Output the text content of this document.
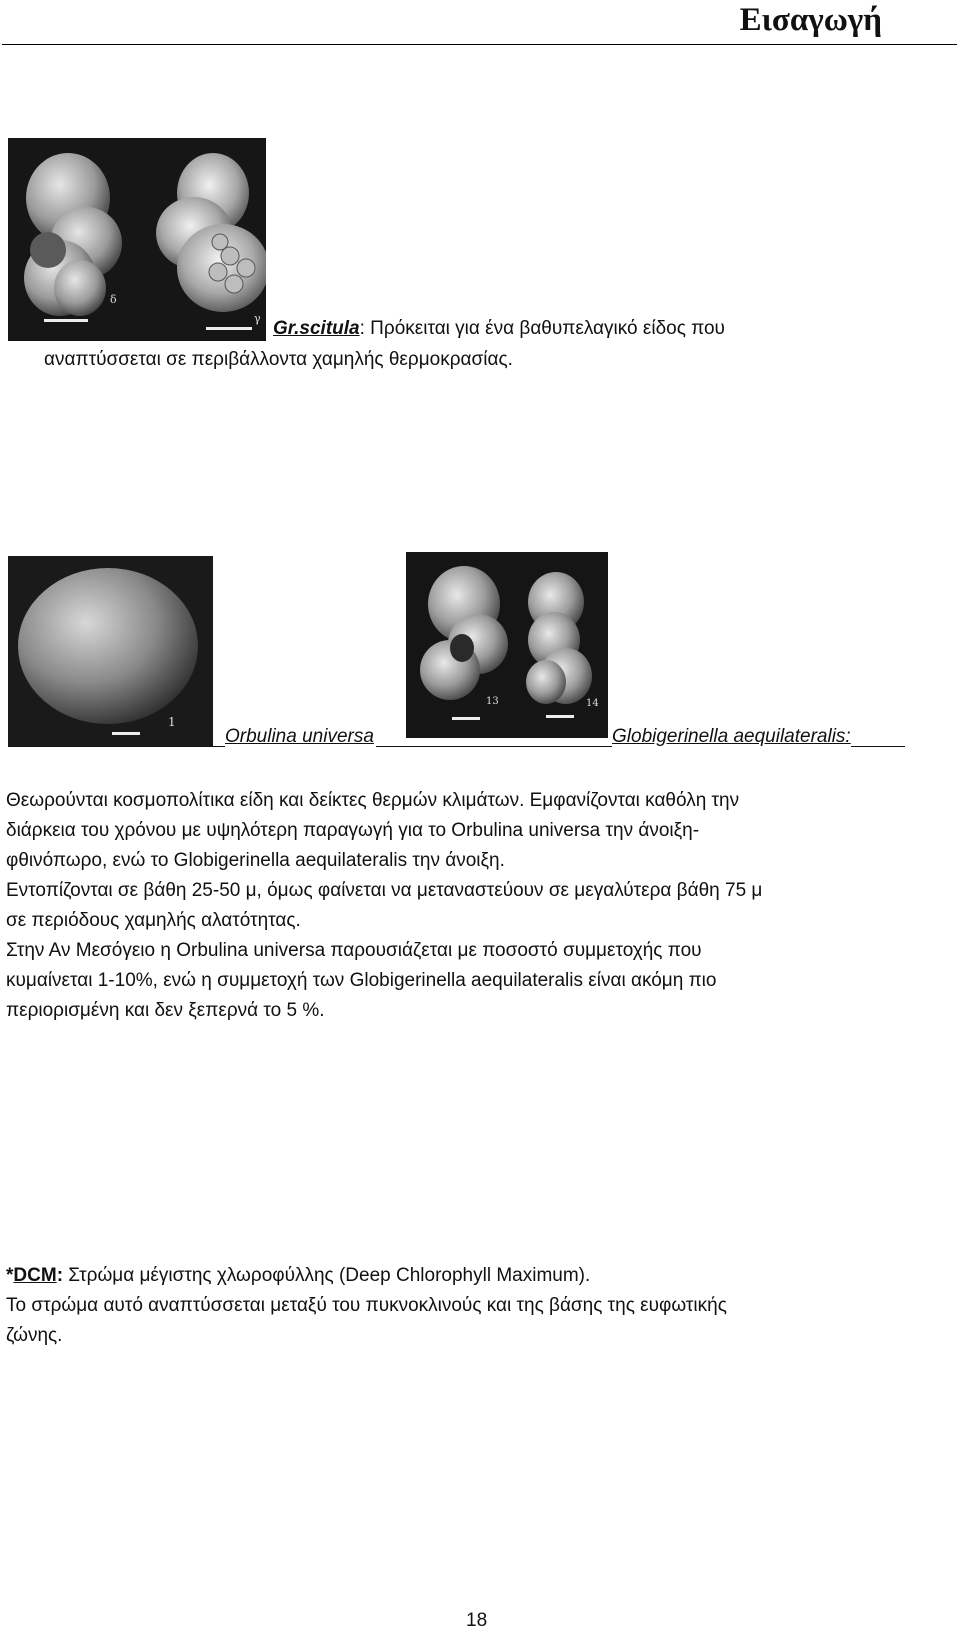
Εισαγωγή
δ
γ Gr.scitula: Πρόκειται για ένα βαθυπελαγικό είδος που
αναπτύσσεται σε περιβάλλοντα χαμηλής θερμοκρασίας.
1
13	14
Orbulina universa	Globigerinella aequilateralis:

Θεωρούνται κοσμοπολίτικα είδη και δείκτες θερμών κλιμάτων. Εμφανίζονται καθόλη την

διάρκεια του χρόνου με υψηλότερη παραγωγή για το Orbulina universa την άνοιξη-

φθινόπωρο, ενώ το Globigerinella aequilateralis την άνοιξη.

Εντοπίζονται σε βάθη 25-50 μ, όμως φαίνεται να μεταναστεύουν σε μεγαλύτερα βάθη 75 μ

σε περιόδους χαμηλής αλατότητας.

Στην Αν Μεσόγειο η Orbulina universa παρουσιάζεται με ποσοστό συμμετοχής που

κυμαίνεται 1-10%, ενώ η συμμετοχή των Globigerinella aequilateralis είναι ακόμη πιο

περιορισμένη και δεν ξεπερνά το 5 %.

*DCM: Στρώμα μέγιστης χλωροφύλλης (Deep Chlorophyll Maximum).

Το στρώμα αυτό αναπτύσσεται μεταξύ του πυκνοκλινούς και της βάσης της ευφωτικής

ζώνης.

18
